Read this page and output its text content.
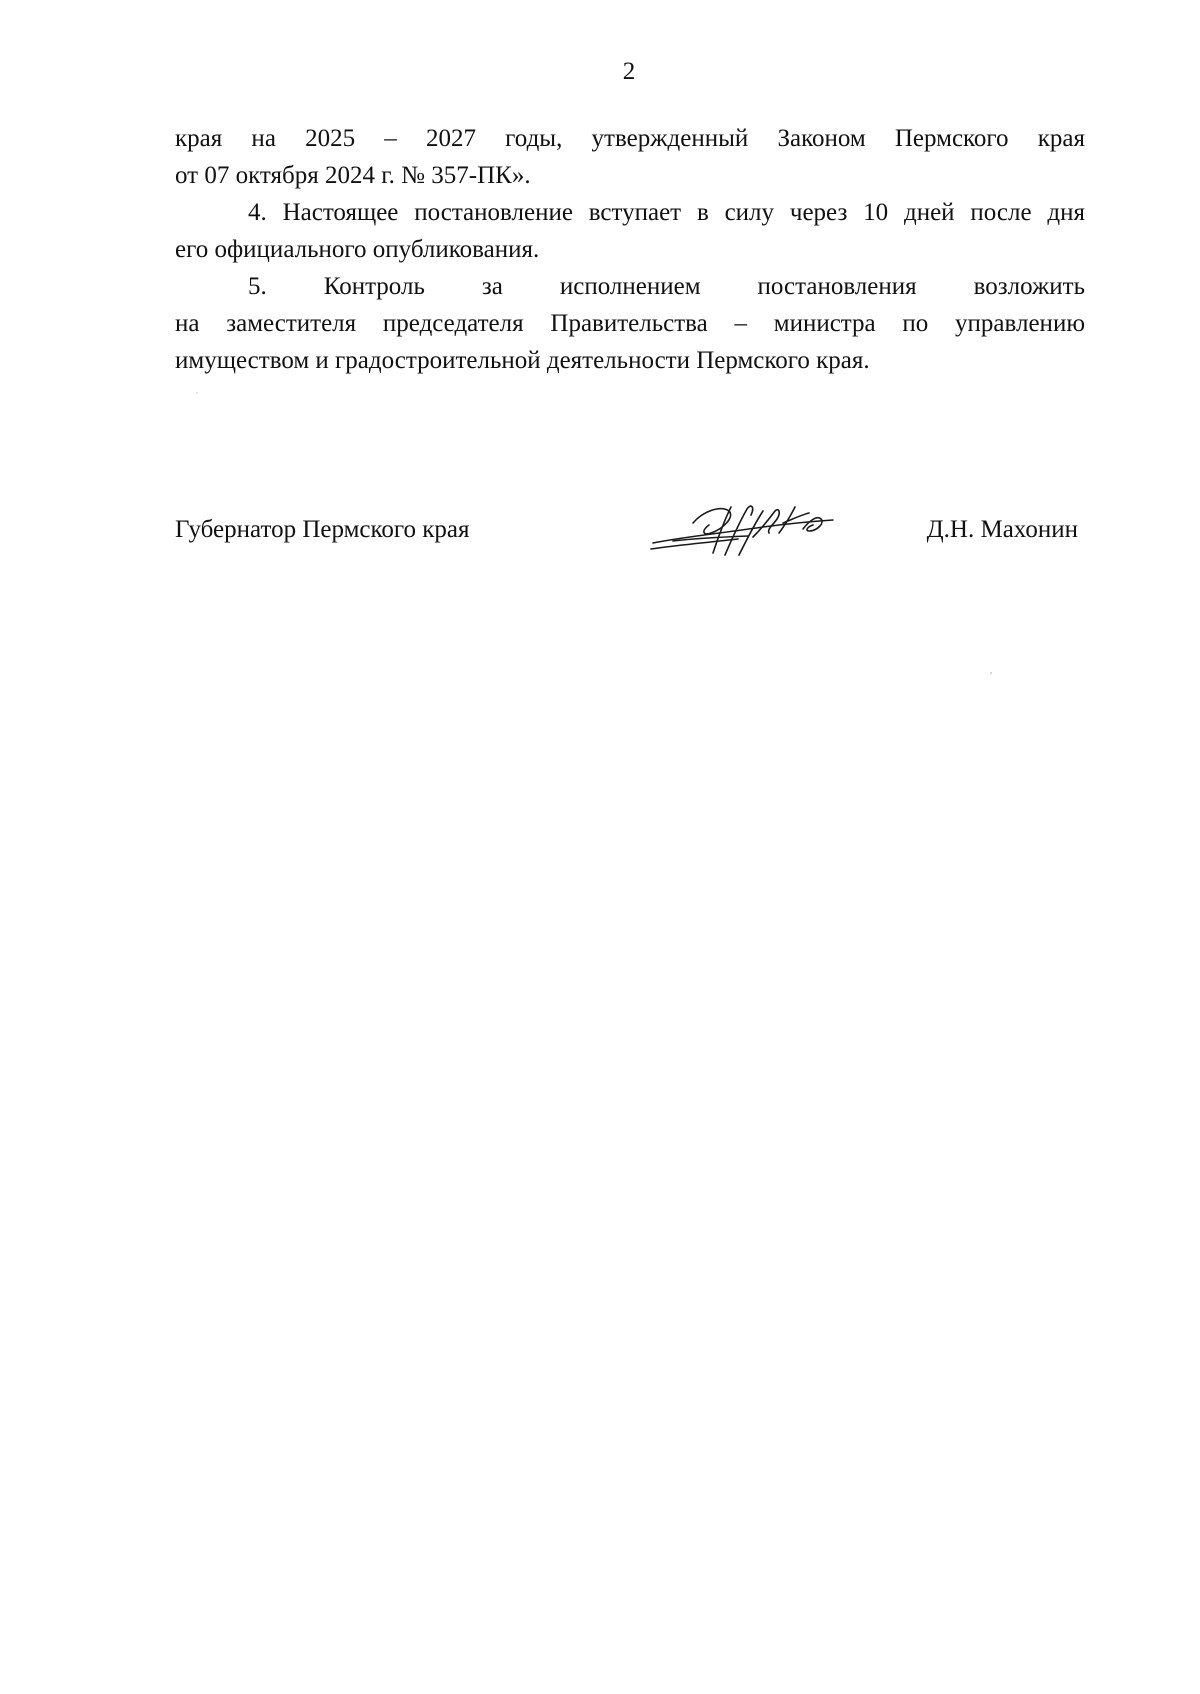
2

края на 2025 – 2027 годы, утвержденный Законом Пермского края
от 07 октября 2024 г. № 357-ПК».

4. Настоящее постановление вступает в силу через 10 дней после дня
его официального опубликования.

5. Контроль за исполнением постановления возложить
на заместителя председателя Правительства – министра по управлению
имуществом и градостроительной деятельности Пермского края.

Губернатор Пермского края	Д.Н. Махонин
